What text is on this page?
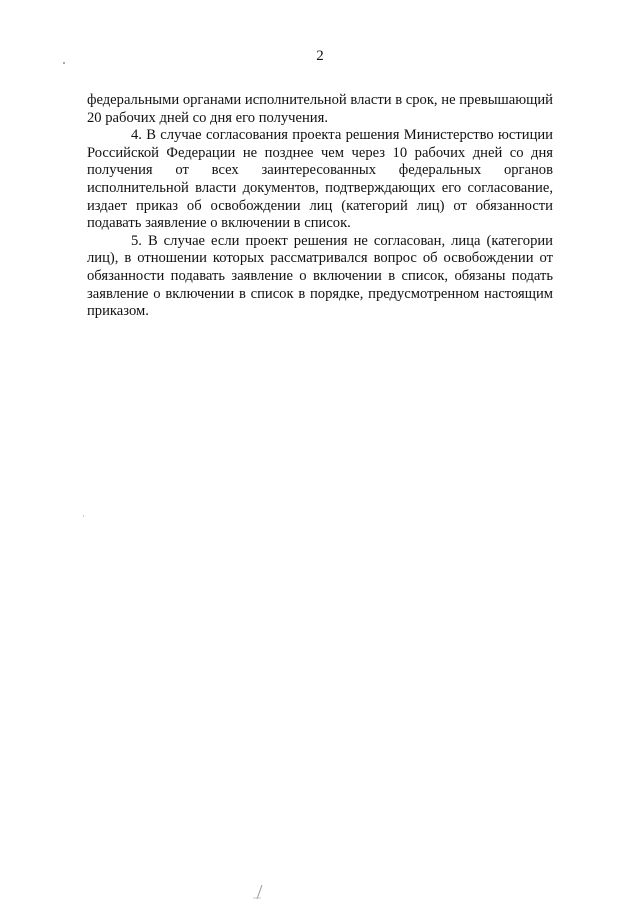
2

федеральными органами исполнительной власти в срок, не превышающий 20 рабочих дней со дня его получения.

4. В случае согласования проекта решения Министерство юстиции Российской Федерации не позднее чем через 10 рабочих дней со дня получения от всех заинтересованных федеральных органов исполнительной власти документов, подтверждающих его согласование, издает приказ об освобождении лиц (категорий лиц) от обязанности подавать заявление о включении в список.

5. В случае если проект решения не согласован, лица (категории лиц), в отношении которых рассматривался вопрос об освобождении от обязанности подавать заявление о включении в список, обязаны подать заявление о включении в список в порядке, предусмотренном настоящим приказом.
